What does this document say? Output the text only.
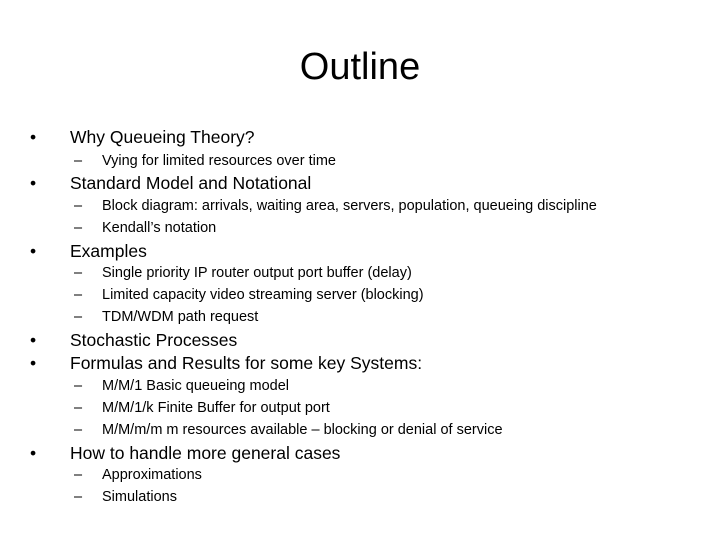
Outline
•	Why Queueing Theory?
– Vying for limited resources over time
•	Standard Model and Notational
– Block diagram: arrivals, waiting area, servers, population, queueing discipline
– Kendall’s notation
•	Examples
– Single priority IP router output port buffer (delay)
– Limited capacity video streaming server (blocking)
– TDM/WDM path request
•	Stochastic Processes
•	Formulas and Results for some key Systems:
– M/M/1 Basic queueing model
– M/M/1/k Finite Buffer for output port
– M/M/m/m m resources available – blocking or denial of service
•	How to handle more general cases
– Approximations
– Simulations
